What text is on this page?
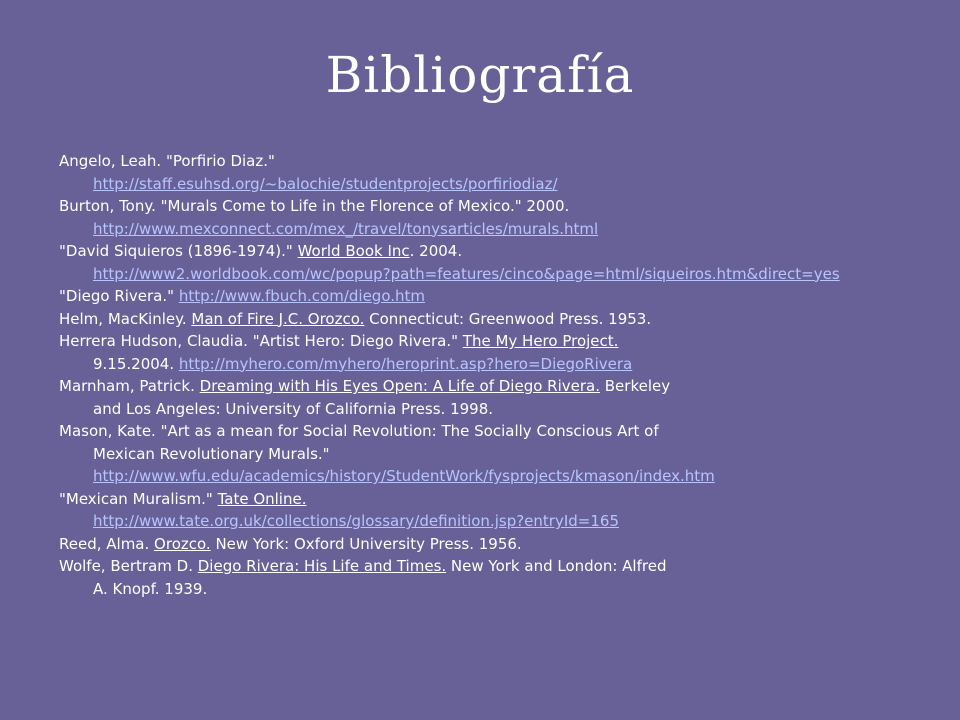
Bibliografía
Angelo, Leah. "Porfirio Diaz."
http://staff.esuhsd.org/~balochie/studentprojects/porfiriodiaz/
Burton, Tony. "Murals Come to Life in the Florence of Mexico." 2000.
http://www.mexconnect.com/mex_/travel/tonysarticles/murals.html
"David Siquieros (1896-1974)." World Book Inc. 2004.
http://www2.worldbook.com/wc/popup?path=features/cinco&page=html/siqueiros.htm&direct=yes
"Diego Rivera." http://www.fbuch.com/diego.htm
Helm, MacKinley. Man of Fire J.C. Orozco. Connecticut: Greenwood Press. 1953.
Herrera Hudson, Claudia. "Artist Hero: Diego Rivera." The My Hero Project.
9.15.2004. http://myhero.com/myhero/heroprint.asp?hero=DiegoRivera
Marnham, Patrick. Dreaming with His Eyes Open: A Life of Diego Rivera. Berkeley
and Los Angeles: University of California Press. 1998.
Mason, Kate. "Art as a mean for Social Revolution: The Socially Conscious Art of
Mexican Revolutionary Murals."
http://www.wfu.edu/academics/history/StudentWork/fysprojects/kmason/index.htm
"Mexican Muralism." Tate Online.
http://www.tate.org.uk/collections/glossary/definition.jsp?entryId=165
Reed, Alma. Orozco. New York: Oxford University Press. 1956.
Wolfe, Bertram D. Diego Rivera: His Life and Times. New York and London: Alfred
A. Knopf. 1939.
